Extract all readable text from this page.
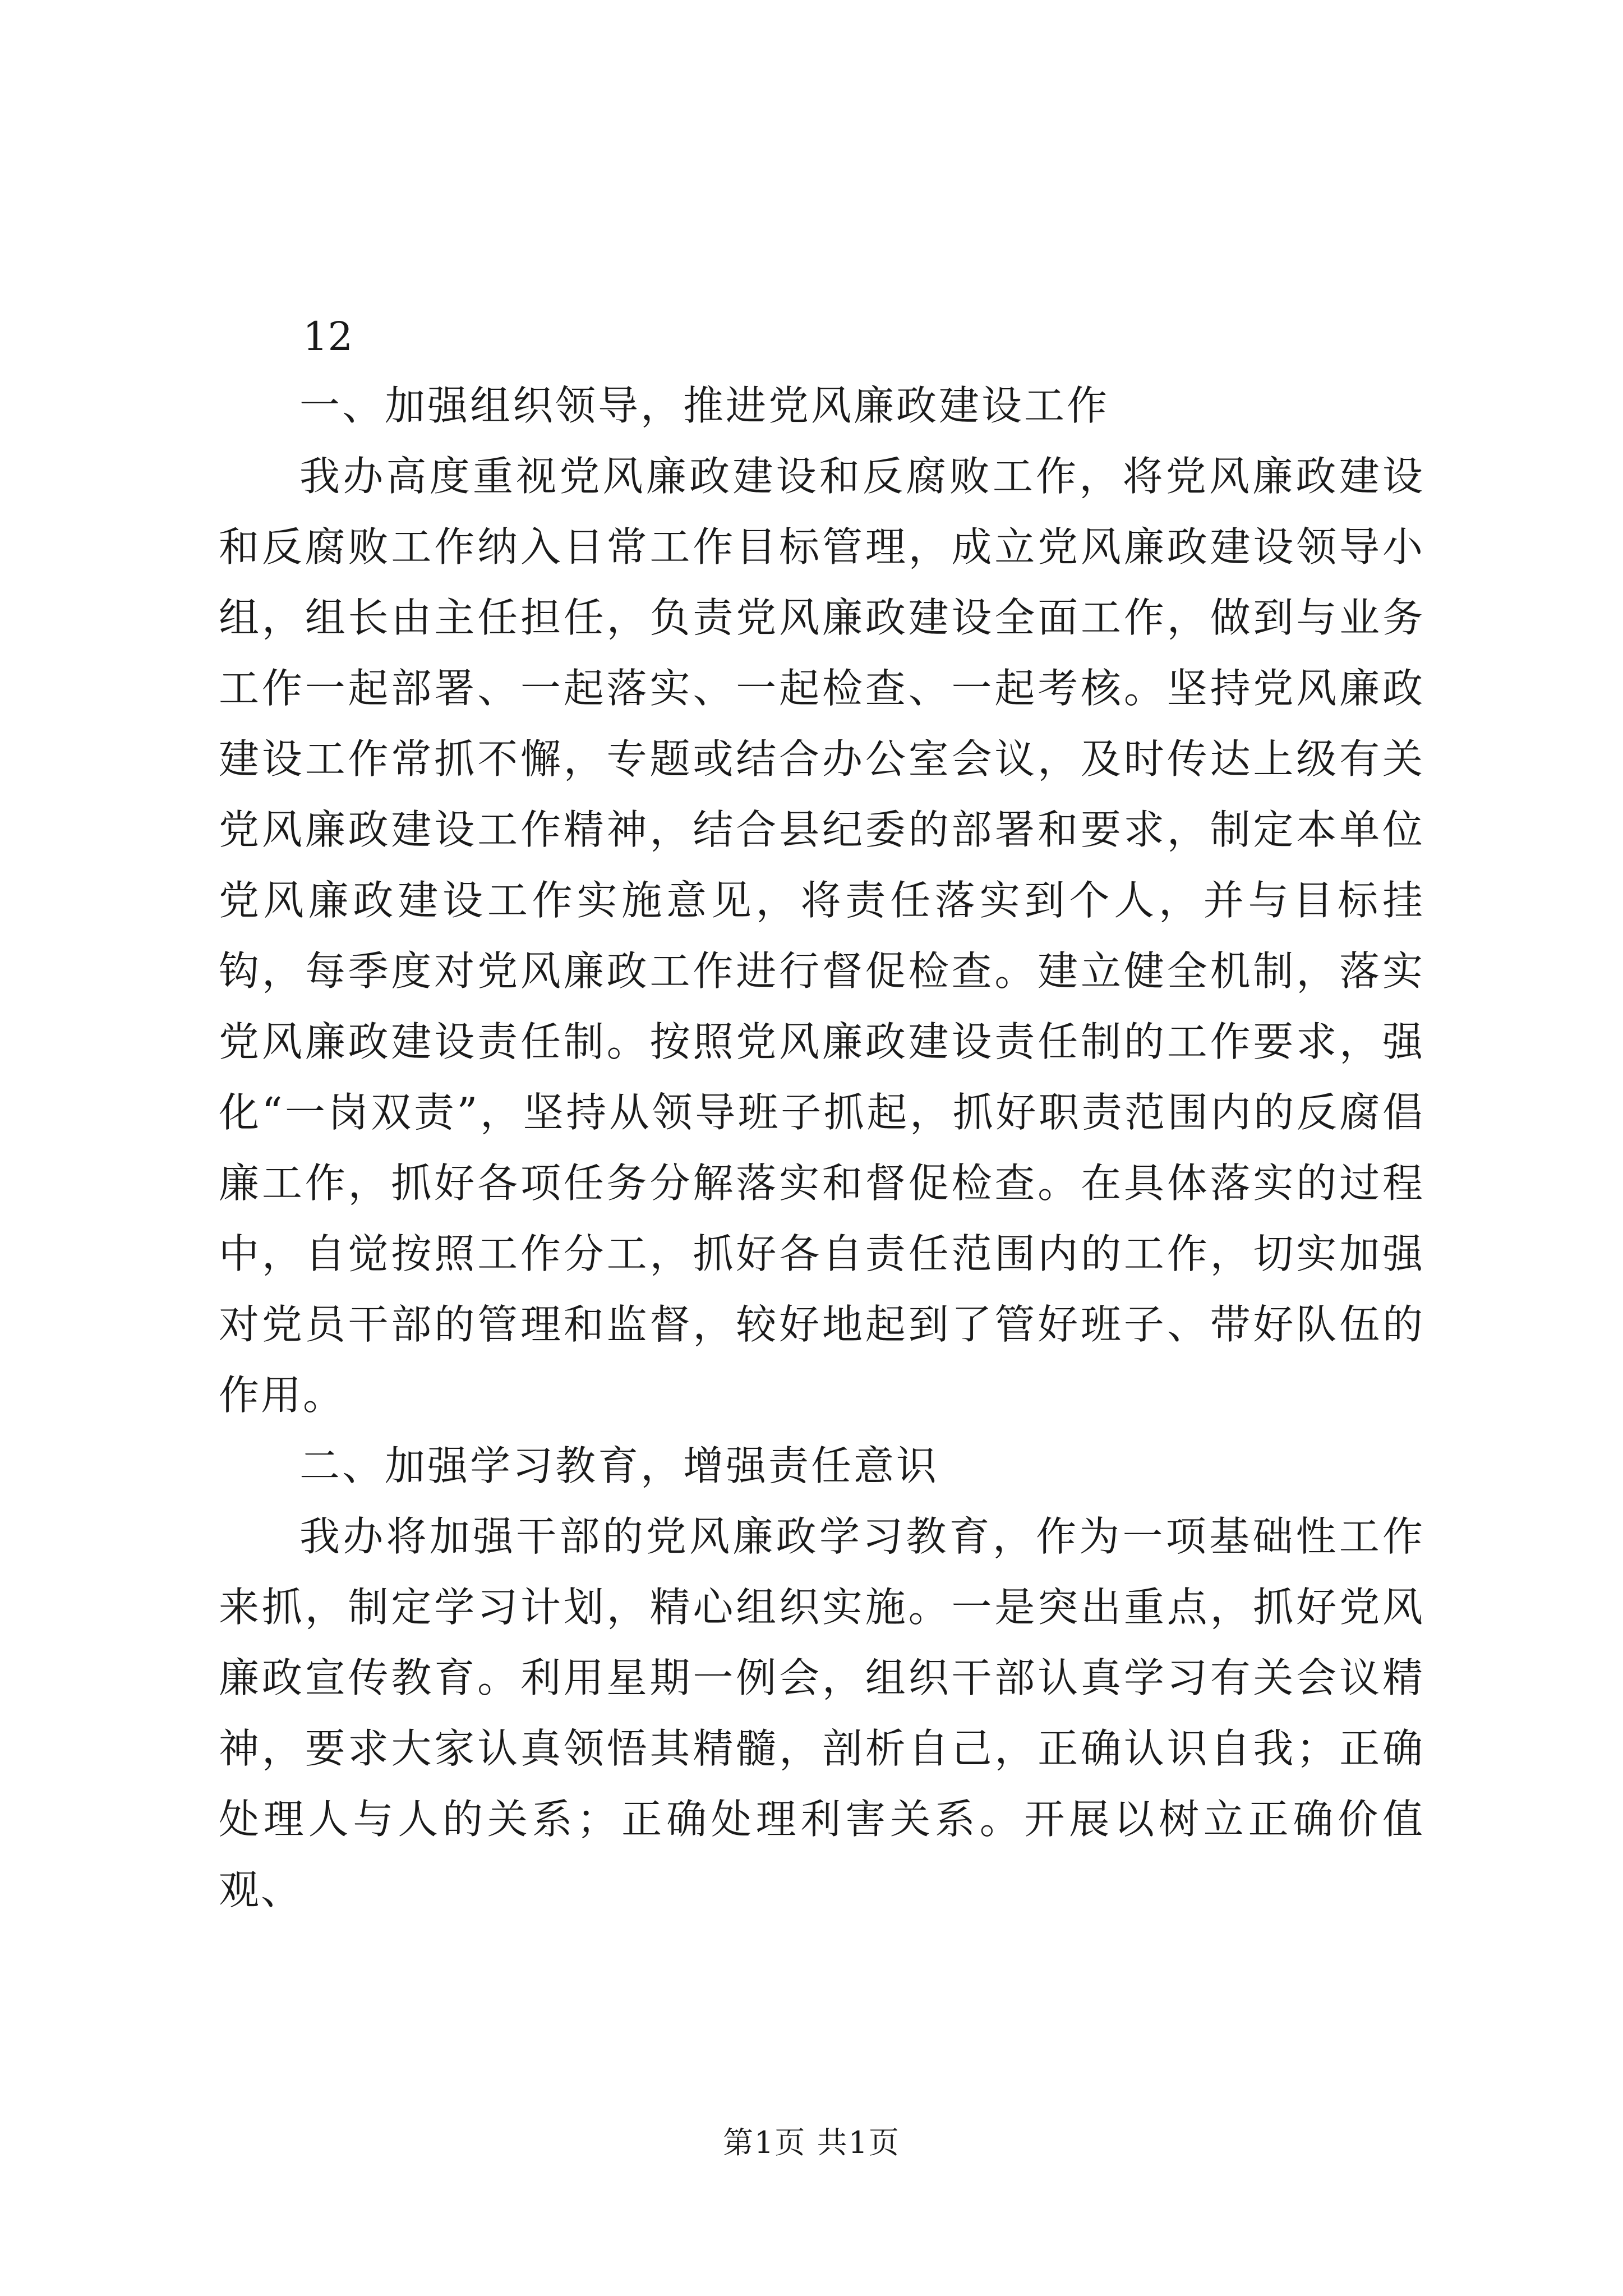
12

一、加强组织领导，推进党风廉政建设工作

我办高度重视党风廉政建设和反腐败工作，将党风廉政建设和反腐败工作纳入日常工作目标管理，成立党风廉政建设领导小组，组长由主任担任，负责党风廉政建设全面工作，做到与业务工作一起部署、一起落实、一起检查、一起考核。坚持党风廉政建设工作常抓不懈，专题或结合办公室会议，及时传达上级有关党风廉政建设工作精神，结合县纪委的部署和要求，制定本单位党风廉政建设工作实施意见，将责任落实到个人，并与目标挂钩，每季度对党风廉政工作进行督促检查。建立健全机制，落实党风廉政建设责任制。按照党风廉政建设责任制的工作要求，强化“一岗双责”，坚持从领导班子抓起，抓好职责范围内的反腐倡廉工作，抓好各项任务分解落实和督促检查。在具体落实的过程中，自觉按照工作分工，抓好各自责任范围内的工作，切实加强对党员干部的管理和监督，较好地起到了管好班子、带好队伍的作用。

二、加强学习教育，增强责任意识

我办将加强干部的党风廉政学习教育，作为一项基础性工作来抓，制定学习计划，精心组织实施。一是突出重点，抓好党风廉政宣传教育。利用星期一例会，组织干部认真学习有关会议精神，要求大家认真领悟其精髓，剖析自己，正确认识自我；正确处理人与人的关系；正确处理利害关系。开展以树立正确价值观、

第1页 共1页
